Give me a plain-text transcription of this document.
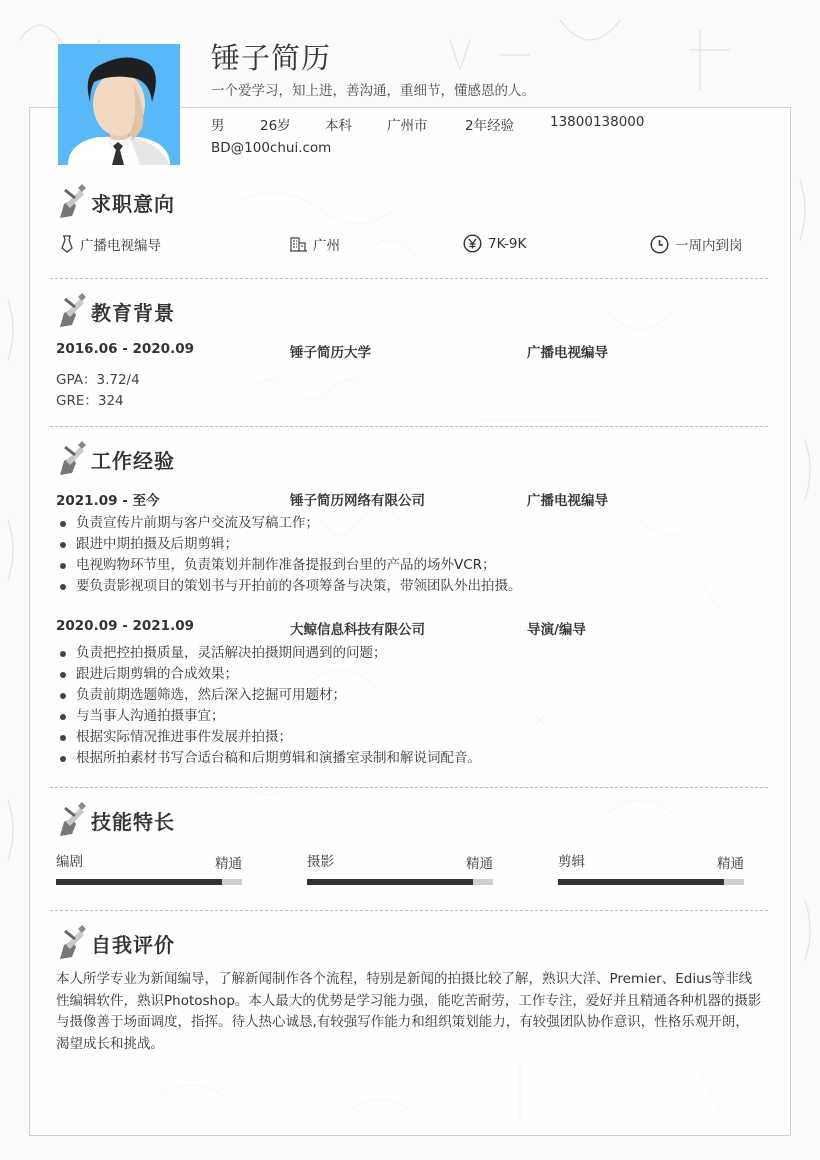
锤子简历
一个爱学习，知上进，善沟通，重细节，懂感恩的人。
男	26岁	本科	广州市	2年经验	13800138000
BD@100chui.com
求职意向
广播电视编导	广州	7K-9K	一周内到岗
教育背景
2016.06 - 2020.09	锤子简历大学	广播电视编导
GPA：3.72/4
GRE：324
工作经验
2021.09 - 至今	锤子简历网络有限公司	广播电视编导
负责宣传片前期与客户交流及写稿工作；
跟进中期拍摄及后期剪辑；
电视购物环节里，负责策划并制作准备提报到台里的产品的场外VCR；
要负责影视项目的策划书与开拍前的各项筹备与决策，带领团队外出拍摄。
2020.09 - 2021.09	大鲸信息科技有限公司	导演/编导
负责把控拍摄质量，灵活解决拍摄期间遇到的问题；
跟进后期剪辑的合成效果；
负责前期选题筛选，然后深入挖掘可用题材；
与当事人沟通拍摄事宜；
根据实际情况推进事件发展并拍摄；
根据所拍素材书写合适台稿和后期剪辑和演播室录制和解说词配音。
技能特长
编剧	精通	摄影	精通	剪辑	精通
自我评价
本人所学专业为新闻编导，了解新闻制作各个流程，特别是新闻的拍摄比较了解，熟识大洋、Premier、Edius等非线性编辑软件，熟识Photoshop。本人最大的优势是学习能力强，能吃苦耐劳，工作专注，爱好并且精通各种机器的摄影与摄像善于场面调度，指挥。待人热心诚恳,有较强写作能力和组织策划能力，有较强团队协作意识，性格乐观开朗，渴望成长和挑战。
